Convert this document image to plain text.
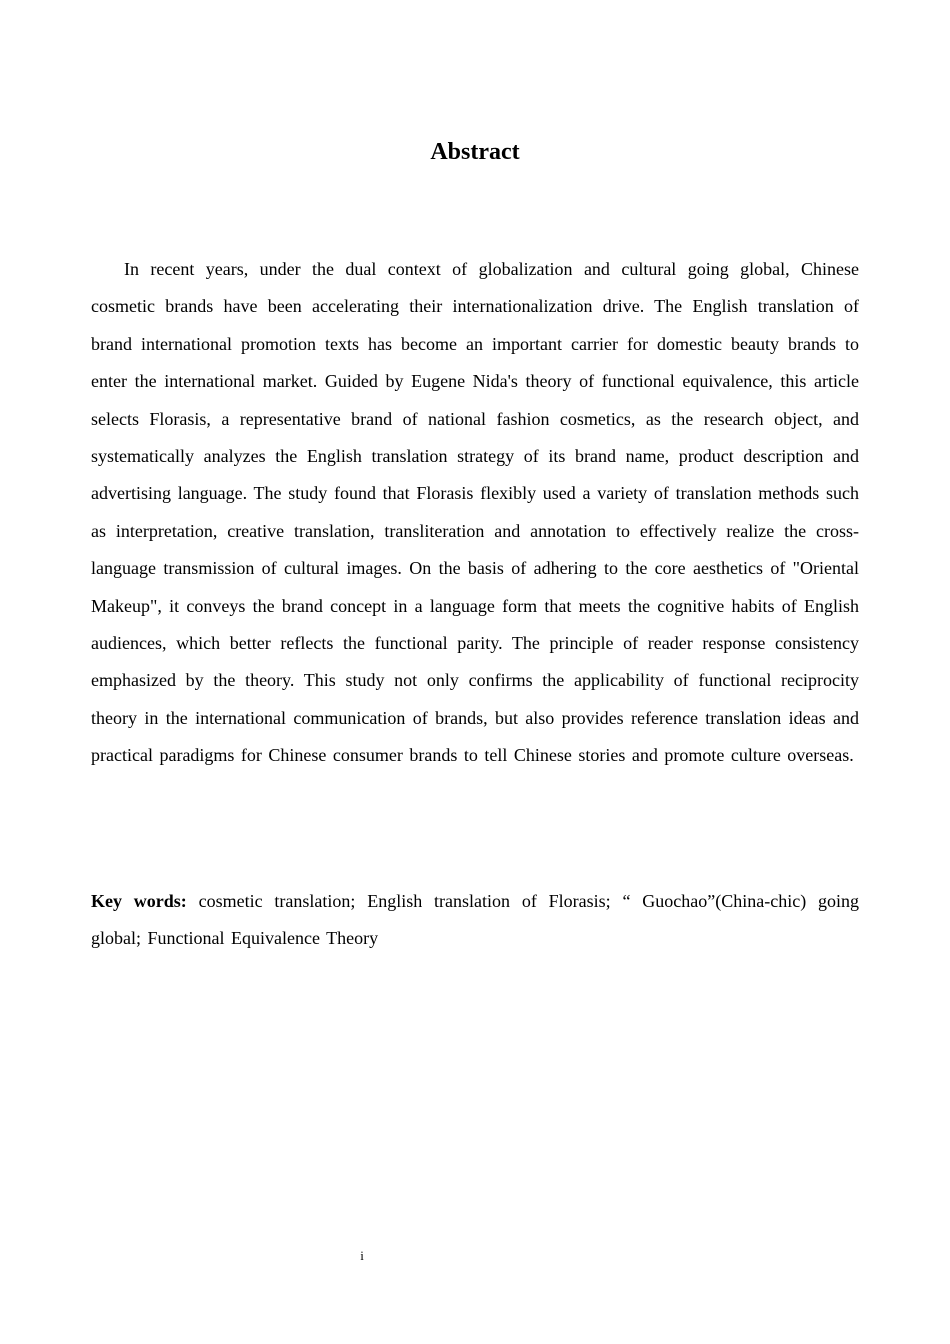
Abstract

In recent years, under the dual context of globalization and cultural going global, Chinese cosmetic brands have been accelerating their internationalization drive. The English translation of brand international promotion texts has become an important carrier for domestic beauty brands to enter the international market. Guided by Eugene Nida's theory of functional equivalence, this article selects Florasis, a representative brand of national fashion cosmetics, as the research object, and systematically analyzes the English translation strategy of its brand name, product description and advertising language. The study found that Florasis flexibly used a variety of translation methods such as interpretation, creative translation, transliteration and annotation to effectively realize the cross-language transmission of cultural images. On the basis of adhering to the core aesthetics of "Oriental Makeup", it conveys the brand concept in a language form that meets the cognitive habits of English audiences, which better reflects the functional parity. The principle of reader response consistency emphasized by the theory. This study not only confirms the applicability of functional reciprocity theory in the international communication of brands, but also provides reference translation ideas and practical paradigms for Chinese consumer brands to tell Chinese stories and promote culture overseas.

Key words: cosmetic translation; English translation of Florasis; “ Guochao”(China-chic) going global; Functional Equivalence Theory

i
